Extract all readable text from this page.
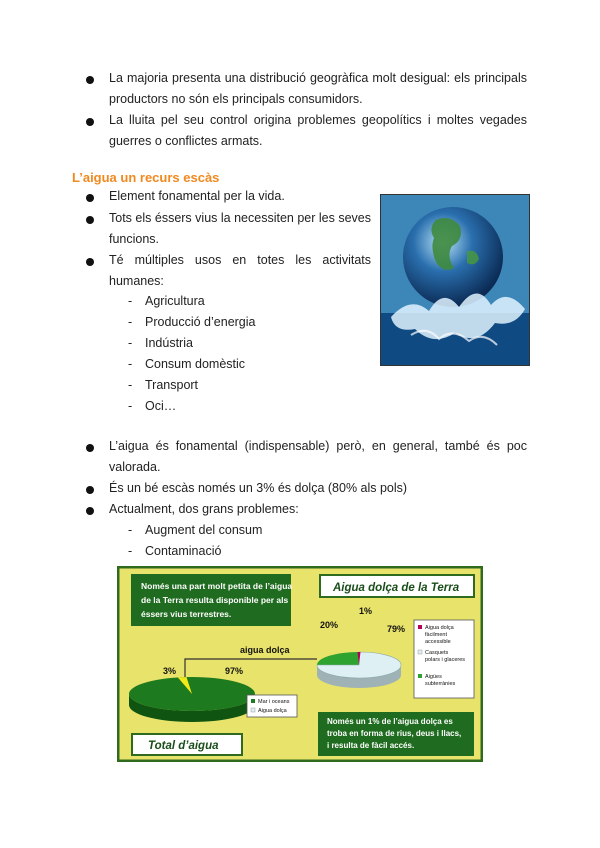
La majoria presenta una distribució geogràfica molt desigual: els principals
productors no són els principals consumidors.
La lluita pel seu control origina problemes geopolítics i moltes vegades
guerres o conflictes armats.
L’aigua un recurs escàs
Element fonamental per la vida.
Tots els éssers vius la necessiten per les seves
funcions.
Té múltiples usos en totes les activitats
humanes:
- Agricultura
- Producció d’energia
- Indústria
- Consum domèstic
- Transport
- Oci…
L’aigua és fonamental (indispensable) però, en general, també és poc
valorada.
És un bé escàs només un 3% és dolça (80% als pols)
Actualment, dos grans problemes:
- Augment del consum
- Contaminació
Només una part molt petita de l’aigua
de la Terra resulta disponible per als
éssers vius terrestres.
Aigua dolça de la Terra
1%
79%
20%	Aigua dolça
fàcilment
accessible
Casquets
polars i glaceres
Aigües
subterrànies
aigua dolça
3%	97%
Mar i oceans
Aigua dolça
Total d’aigua
Només un 1% de l’aigua dolça es
troba en forma de rius, deus i llacs,
i resulta de fàcil accés.
